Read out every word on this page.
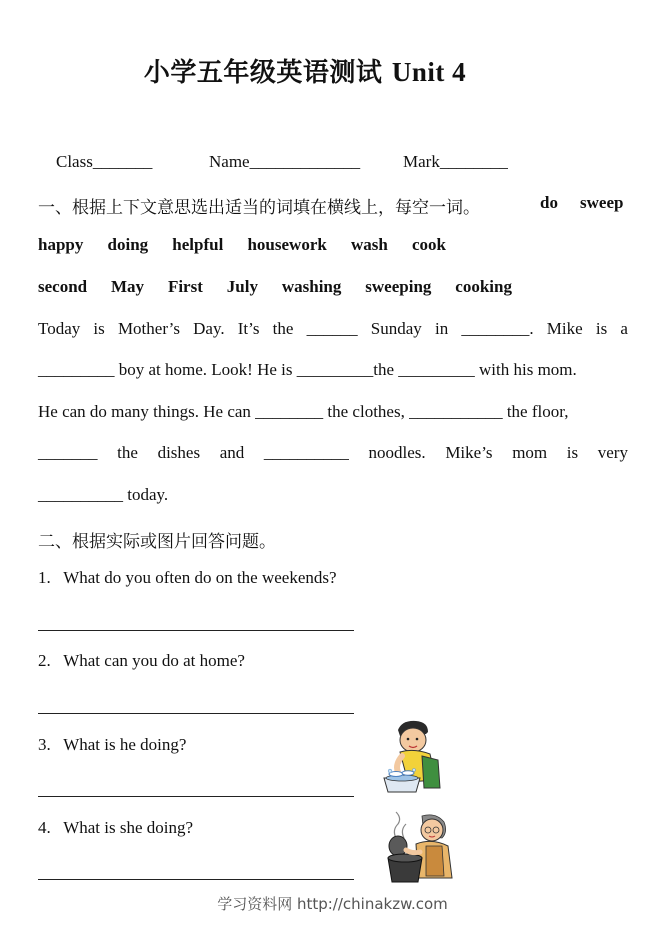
小学五年级英语测试 Unit 4
Class_______	Name_____________	Mark________
一、根据上下文意思选出适当的词填在横线上，每空一词。	do sweep
happy doing helpful housework wash cook
second May First July washing sweeping cooking
Today is Mother’s Day. It’s the ______ Sunday in ________. Mike is a
_________ boy at home. Look! He is _________the _________ with his mom.
He can do many things. He can ________ the clothes, ___________ the floor,
_______ the dishes and __________ noodles. Mike’s mom is very
__________ today.
二、根据实际或图片回答问题。
1. What do you often do on the weekends?
2. What can you do at home?
3. What is he doing?
4. What is she doing?
学习资料网 http://chinakzw.com
